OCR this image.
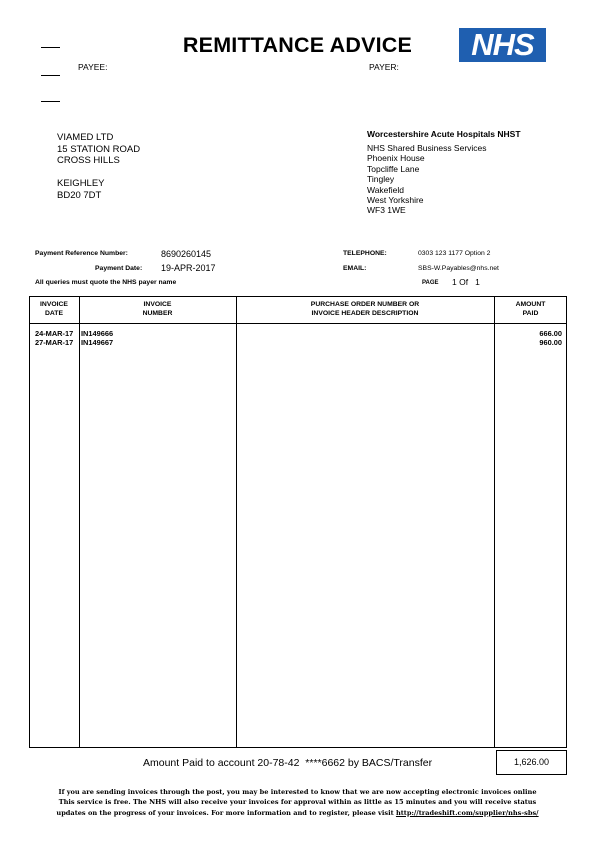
REMITTANCE ADVICE	NHS
PAYEE:	PAYER:
VIAMED LTD
15 STATION ROAD
CROSS HILLS
KEIGHLEY
BD20 7DT
Worcestershire Acute Hospitals NHST
NHS Shared Business Services
Phoenix House
Topcliffe Lane
Tingley
Wakefield
West Yorkshire
WF3 1WE
Payment Reference Number:	8690260145
Payment Date: 19-APR-2017
All queries must quote the NHS payer name
TELEPHONE:	0303 123 1177 Option 2
EMAIL:	SBS-W.Payables@nhs.net
PAGE 1 Of   1
INVOICE
DATE
INVOICE
NUMBER
PURCHASE ORDER NUMBER OR
INVOICE HEADER DESCRIPTION
AMOUNT
PAID
24-MAR-17 IN149666	666.00
27-MAR-17 IN149667	960.00
Amount Paid to account 20-78-42  ****6662 by BACS/Transfer	1,626.00
If you are sending invoices through the post, you may be interested to know that we are now accepting electronic invoices online
This service is free. The NHS will also receive your invoices for approval within as little as 15 minutes and you will receive status
updates on the progress of your invoices. For more information and to register, please visit http://tradeshift.com/supplier/nhs-sbs/
